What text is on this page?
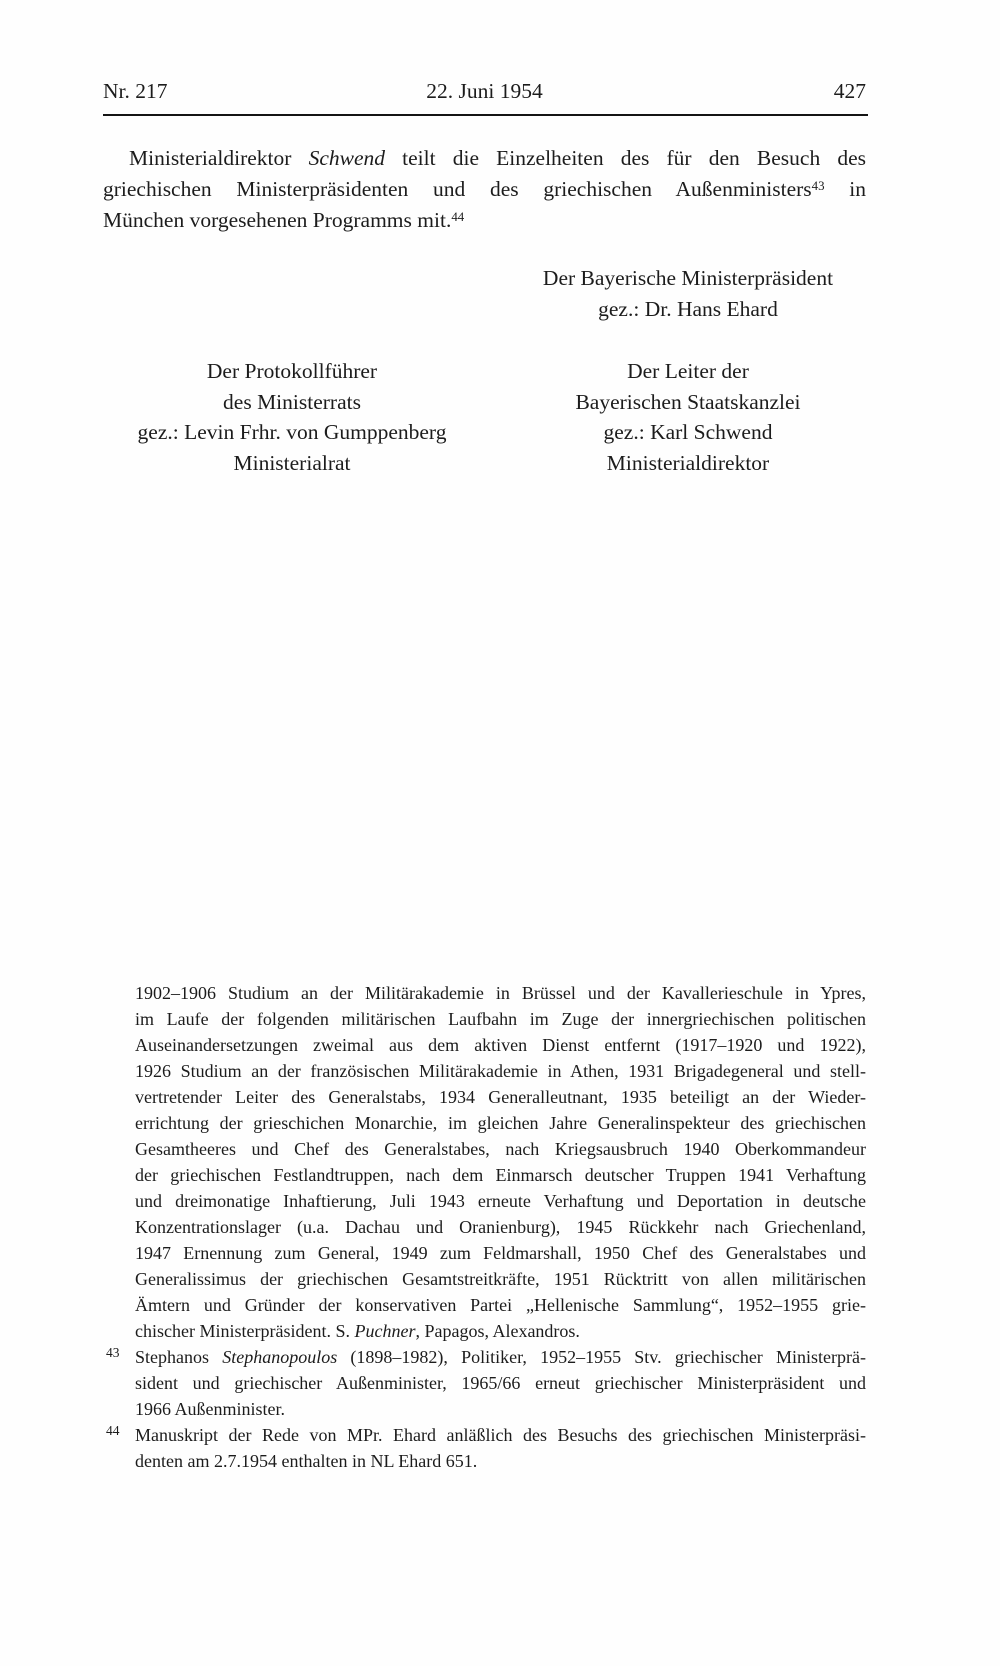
Nr. 217	22. Juni 1954	427
Ministerialdirektor Schwend teilt die Einzelheiten des für den Besuch des
griechischen Ministerpräsidenten und des griechischen Außenministers$^{43}$ in
München vorgesehenen Programms mit.$^{44}$
Der Bayerische Ministerpräsident
gez.: Dr. Hans Ehard
Der Protokollführer
des Ministerrats
gez.: Levin Frhr. von Gumppenberg
Ministerialrat
Der Leiter der
Bayerischen Staatskanzlei
gez.: Karl Schwend
Ministerialdirektor
1902–1906 Studium an der Militärakademie in Brüssel und der Kavallerieschule in Ypres,
im Laufe der folgenden militärischen Laufbahn im Zuge der innergriechischen politischen
Auseinandersetzungen zweimal aus dem aktiven Dienst entfernt (1917–1920 und 1922),
1926 Studium an der französischen Militärakademie in Athen, 1931 Brigadegeneral und stell-
vertretender Leiter des Generalstabs, 1934 Generalleutnant, 1935 beteiligt an der Wieder-
errichtung der grieschichen Monarchie, im gleichen Jahre Generalinspekteur des griechischen
Gesamtheeres und Chef des Generalstabes, nach Kriegsausbruch 1940 Oberkommandeur
der griechischen Festlandtruppen, nach dem Einmarsch deutscher Truppen 1941 Verhaftung
und dreimonatige Inhaftierung, Juli 1943 erneute Verhaftung und Deportation in deutsche
Konzentrationslager (u.a. Dachau und Oranienburg), 1945 Rückkehr nach Griechenland,
1947 Ernennung zum General, 1949 zum Feldmarshall, 1950 Chef des Generalstabes und
Generalissimus der griechischen Gesamtstreitkräfte, 1951 Rücktritt von allen militärischen
Ämtern und Gründer der konservativen Partei „Hellenische Sammlung“, 1952–1955 grie-
chischer Ministerpräsident. S. Puchner, Papagos, Alexandros.
43 Stephanos Stephanopoulos (1898–1982), Politiker, 1952–1955 Stv. griechischer Ministerprä-
sident und griechischer Außenminister, 1965/66 erneut griechischer Ministerpräsident und
1966 Außenminister.
44 Manuskript der Rede von MPr. Ehard anläßlich des Besuchs des griechischen Ministerpräsi-
denten am 2.7.1954 enthalten in NL Ehard 651.
